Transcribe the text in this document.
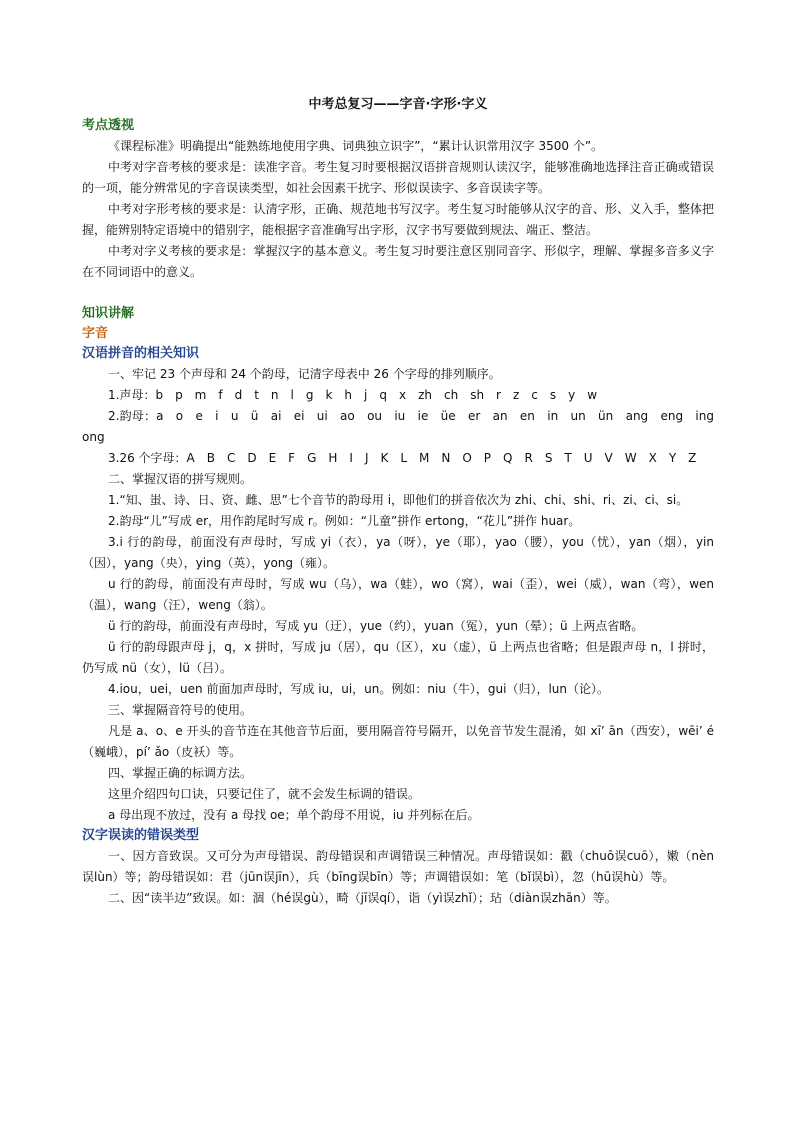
中考总复习——字音·字形·字义
考点透视

《课程标准》明确提出“能熟练地使用字典、词典独立识字”，“累计认识常用汉字 3500 个”。

中考对字音考核的要求是：读准字音。考生复习时要根据汉语拼音规则认读汉字，能够准确地选择注音正确或错误的一项，能分辨常见的字音误读类型，如社会因素干扰字、形似误读字、多音误读字等。

中考对字形考核的要求是：认清字形，正确、规范地书写汉字。考生复习时能够从汉字的音、形、义入手，整体把握，能辨别特定语境中的错别字，能根据字音准确写出字形，汉字书写要做到规法、端正、整洁。

中考对字义考核的要求是：掌握汉字的基本意义。考生复习时要注意区别同音字、形似字，理解、掌握多音多义字在不同词语中的意义。

知识讲解
字音
汉语拼音的相关知识

一、牢记 23 个声母和 24 个韵母，记清字母表中 26 个字母的排列顺序。

1.声母：b　p　m　f　d　t　n　l　g　k　h　j　q　x　zh　ch　sh　r　z　c　s　y　w

2.韵母：a　o　e　i　u　ü　ai　ei　ui　ao　ou　iu　ie　üe　er　an　en　in　un　ün　ang　eng　ing　ong

3.26 个字母：A　B　C　D　E　F　G　H　I　J　K　L　M　N　O　P　Q　R　S　T　U　V　W　X　Y　Z

二、掌握汉语的拼写规则。

1.“知、蚩、诗、日、资、雌、思”七个音节的韵母用 i，即他们的拼音依次为 zhi、chi、shi、ri、zi、ci、si。

2.韵母“儿”写成 er，用作韵尾时写成 r。例如：“儿童”拼作 ertong，“花儿”拼作 huar。

3.i 行的韵母，前面没有声母时，写成 yi（衣），ya（呀），ye（耶），yao（腰），you（忧），yan（烟），yin（因），yang（央），ying（英），yong（雍）。

u 行的韵母，前面没有声母时，写成 wu（乌），wa（蛙），wo（窝），wai（歪），wei（威），wan（弯），wen（温），wang（汪），weng（翁）。

ü 行的韵母，前面没有声母时，写成 yu（迂），yue（约），yuan（冤），yun（晕）；ü 上两点省略。

ü 行的韵母跟声母 j，q，x 拼时，写成 ju（居），qu（区），xu（虚），ü 上两点也省略；但是跟声母 n，l 拼时，仍写成 nü（女），lü（吕）。

4.iou，uei，uen 前面加声母时，写成 iu，ui，un。例如：niu（牛），gui（归），lun（论）。

三、掌握隔音符号的使用。

凡是 a、o、e 开头的音节连在其他音节后面，要用隔音符号隔开，以免音节发生混淆，如 xī’ ān（西安），wēi’ é（巍峨），pí’ ǎo（皮袄）等。

四、掌握正确的标调方法。

这里介绍四句口诀，只要记住了，就不会发生标调的错误。

a 母出现不放过，没有 a 母找 oe；单个韵母不用说，iu 并列标在后。

汉字误读的错误类型

一、因方音致误。又可分为声母错误、韵母错误和声调错误三种情况。声母错误如：戳（chuō误cuō），嫩（nèn误lùn）等；韵母错误如：君（jūn误jīn），兵（bīng误bīn）等；声调错误如：笔（bǐ误bì），忽（hū误hù）等。

二、因“读半边”致误。如：涸（hé误gù），畸（jī误qí），诣（yì误zhǐ）；玷（diàn误zhān）等。
